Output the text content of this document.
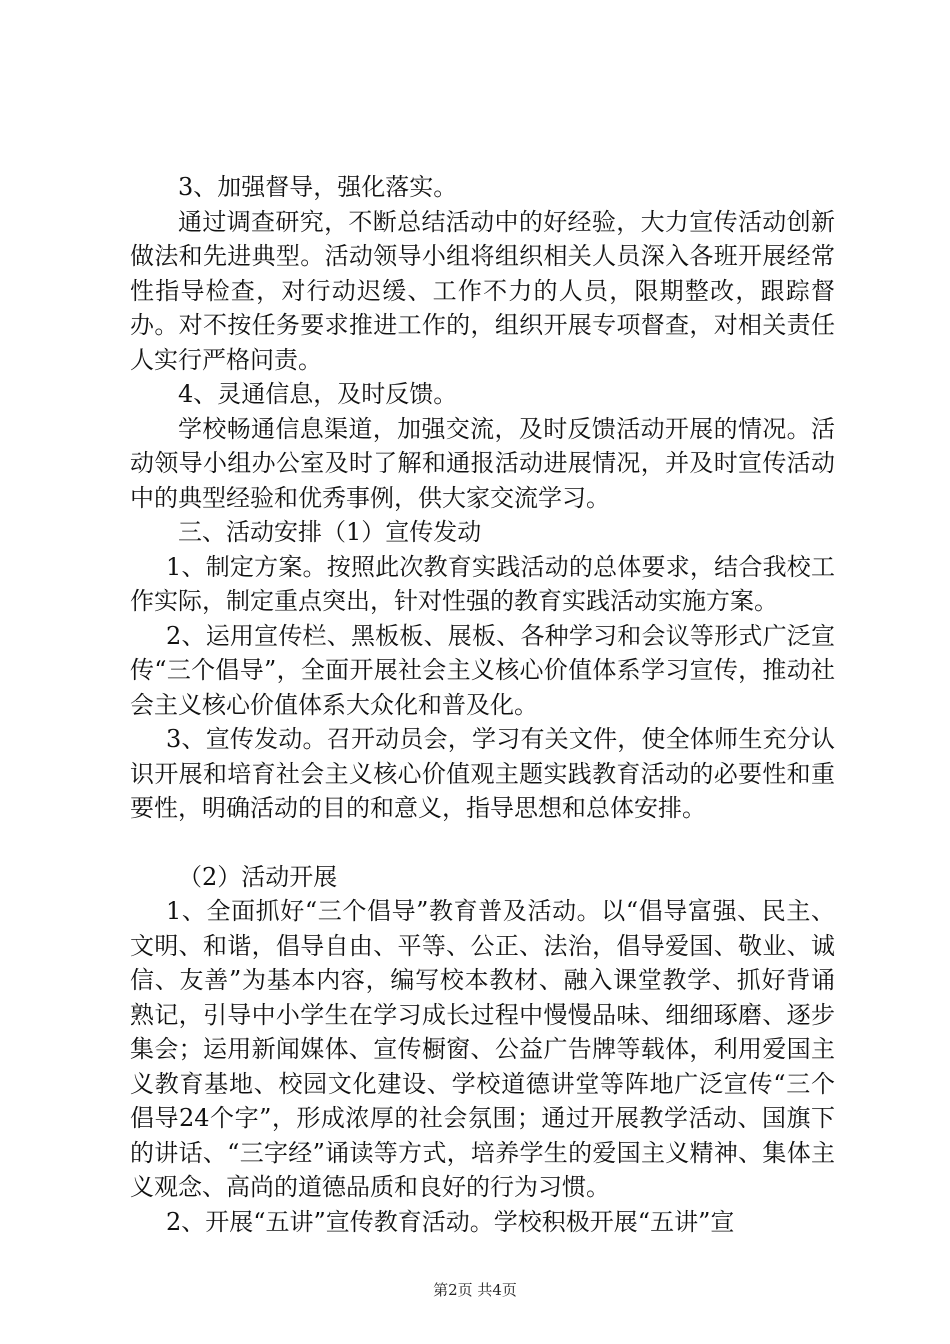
3、加强督导，强化落实。

通过调查研究，不断总结活动中的好经验，大力宣传活动创新做法和先进典型。活动领导小组将组织相关人员深入各班开展经常性指导检查，对行动迟缓、工作不力的人员，限期整改，跟踪督办。对不按任务要求推进工作的，组织开展专项督查，对相关责任人实行严格问责。

4、灵通信息，及时反馈。

学校畅通信息渠道，加强交流，及时反馈活动开展的情况。活动领导小组办公室及时了解和通报活动进展情况，并及时宣传活动中的典型经验和优秀事例，供大家交流学习。

三、活动安排（1）宣传发动

1、制定方案。按照此次教育实践活动的总体要求，结合我校工作实际，制定重点突出，针对性强的教育实践活动实施方案。

2、运用宣传栏、黑板板、展板、各种学习和会议等形式广泛宣传“三个倡导”，全面开展社会主义核心价值体系学习宣传，推动社会主义核心价值体系大众化和普及化。

3、宣传发动。召开动员会，学习有关文件，使全体师生充分认识开展和培育社会主义核心价值观主题实践教育活动的必要性和重要性，明确活动的目的和意义，指导思想和总体安排。

（2）活动开展

1、全面抓好“三个倡导”教育普及活动。以“倡导富强、民主、文明、和谐，倡导自由、平等、公正、法治，倡导爱国、敬业、诚信、友善”为基本内容，编写校本教材、融入课堂教学、抓好背诵熟记，引导中小学生在学习成长过程中慢慢品味、细细琢磨、逐步集会；运用新闻媒体、宣传橱窗、公益广告牌等载体，利用爱国主义教育基地、校园文化建设、学校道德讲堂等阵地广泛宣传“三个倡导24个字”，形成浓厚的社会氛围；通过开展教学活动、国旗下的讲话、“三字经”诵读等方式，培养学生的爱国主义精神、集体主义观念、高尚的道德品质和良好的行为习惯。

2、开展“五讲”宣传教育活动。学校积极开展“五讲”宣

第2页 共4页
